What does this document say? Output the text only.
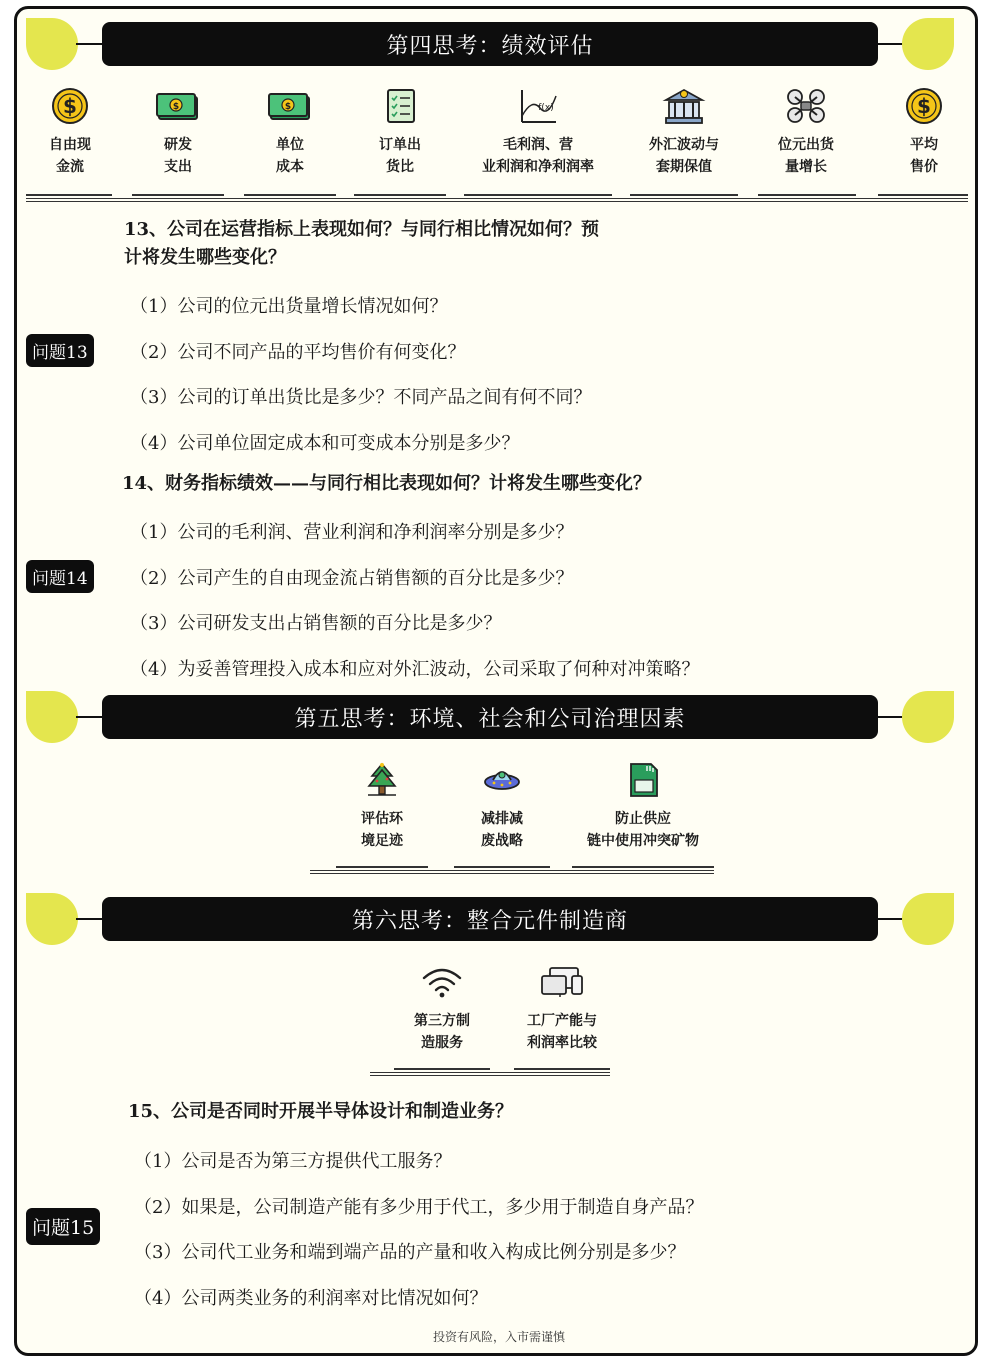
第四思考：绩效评估
$
自由现
金流
$
研发
支出
$
单位
成本
订单出
货比
f(x)
毛利润、营
业利润和净利润率
外汇波动与
套期保值
位元出货
量增长
$
平均
售价
13、公司在运营指标上表现如何？与同行相比情况如何？预
计将发生哪些变化？
问题13
（1）公司的位元出货量增长情况如何？
（2）公司不同产品的平均售价有何变化？
（3）公司的订单出货比是多少？不同产品之间有何不同？
（4）公司单位固定成本和可变成本分别是多少？
14、财务指标绩效——与同行相比表现如何？计将发生哪些变化？
问题14
（1）公司的毛利润、营业利润和净利润率分别是多少？
（2）公司产生的自由现金流占销售额的百分比是多少？
（3）公司研发支出占销售额的百分比是多少？
（4）为妥善管理投入成本和应对外汇波动，公司采取了何种对冲策略？
第五思考：环境、社会和公司治理因素
评估环
境足迹
减排减
废战略
防止供应
链中使用冲突矿物
第六思考：整合元件制造商
第三方制
造服务
工厂产能与
利润率比较
15、公司是否同时开展半导体设计和制造业务？
问题15
（1）公司是否为第三方提供代工服务？
（2）如果是，公司制造产能有多少用于代工，多少用于制造自身产品？
（3）公司代工业务和端到端产品的产量和收入构成比例分别是多少？
（4）公司两类业务的利润率对比情况如何？
投资有风险，入市需谨慎
